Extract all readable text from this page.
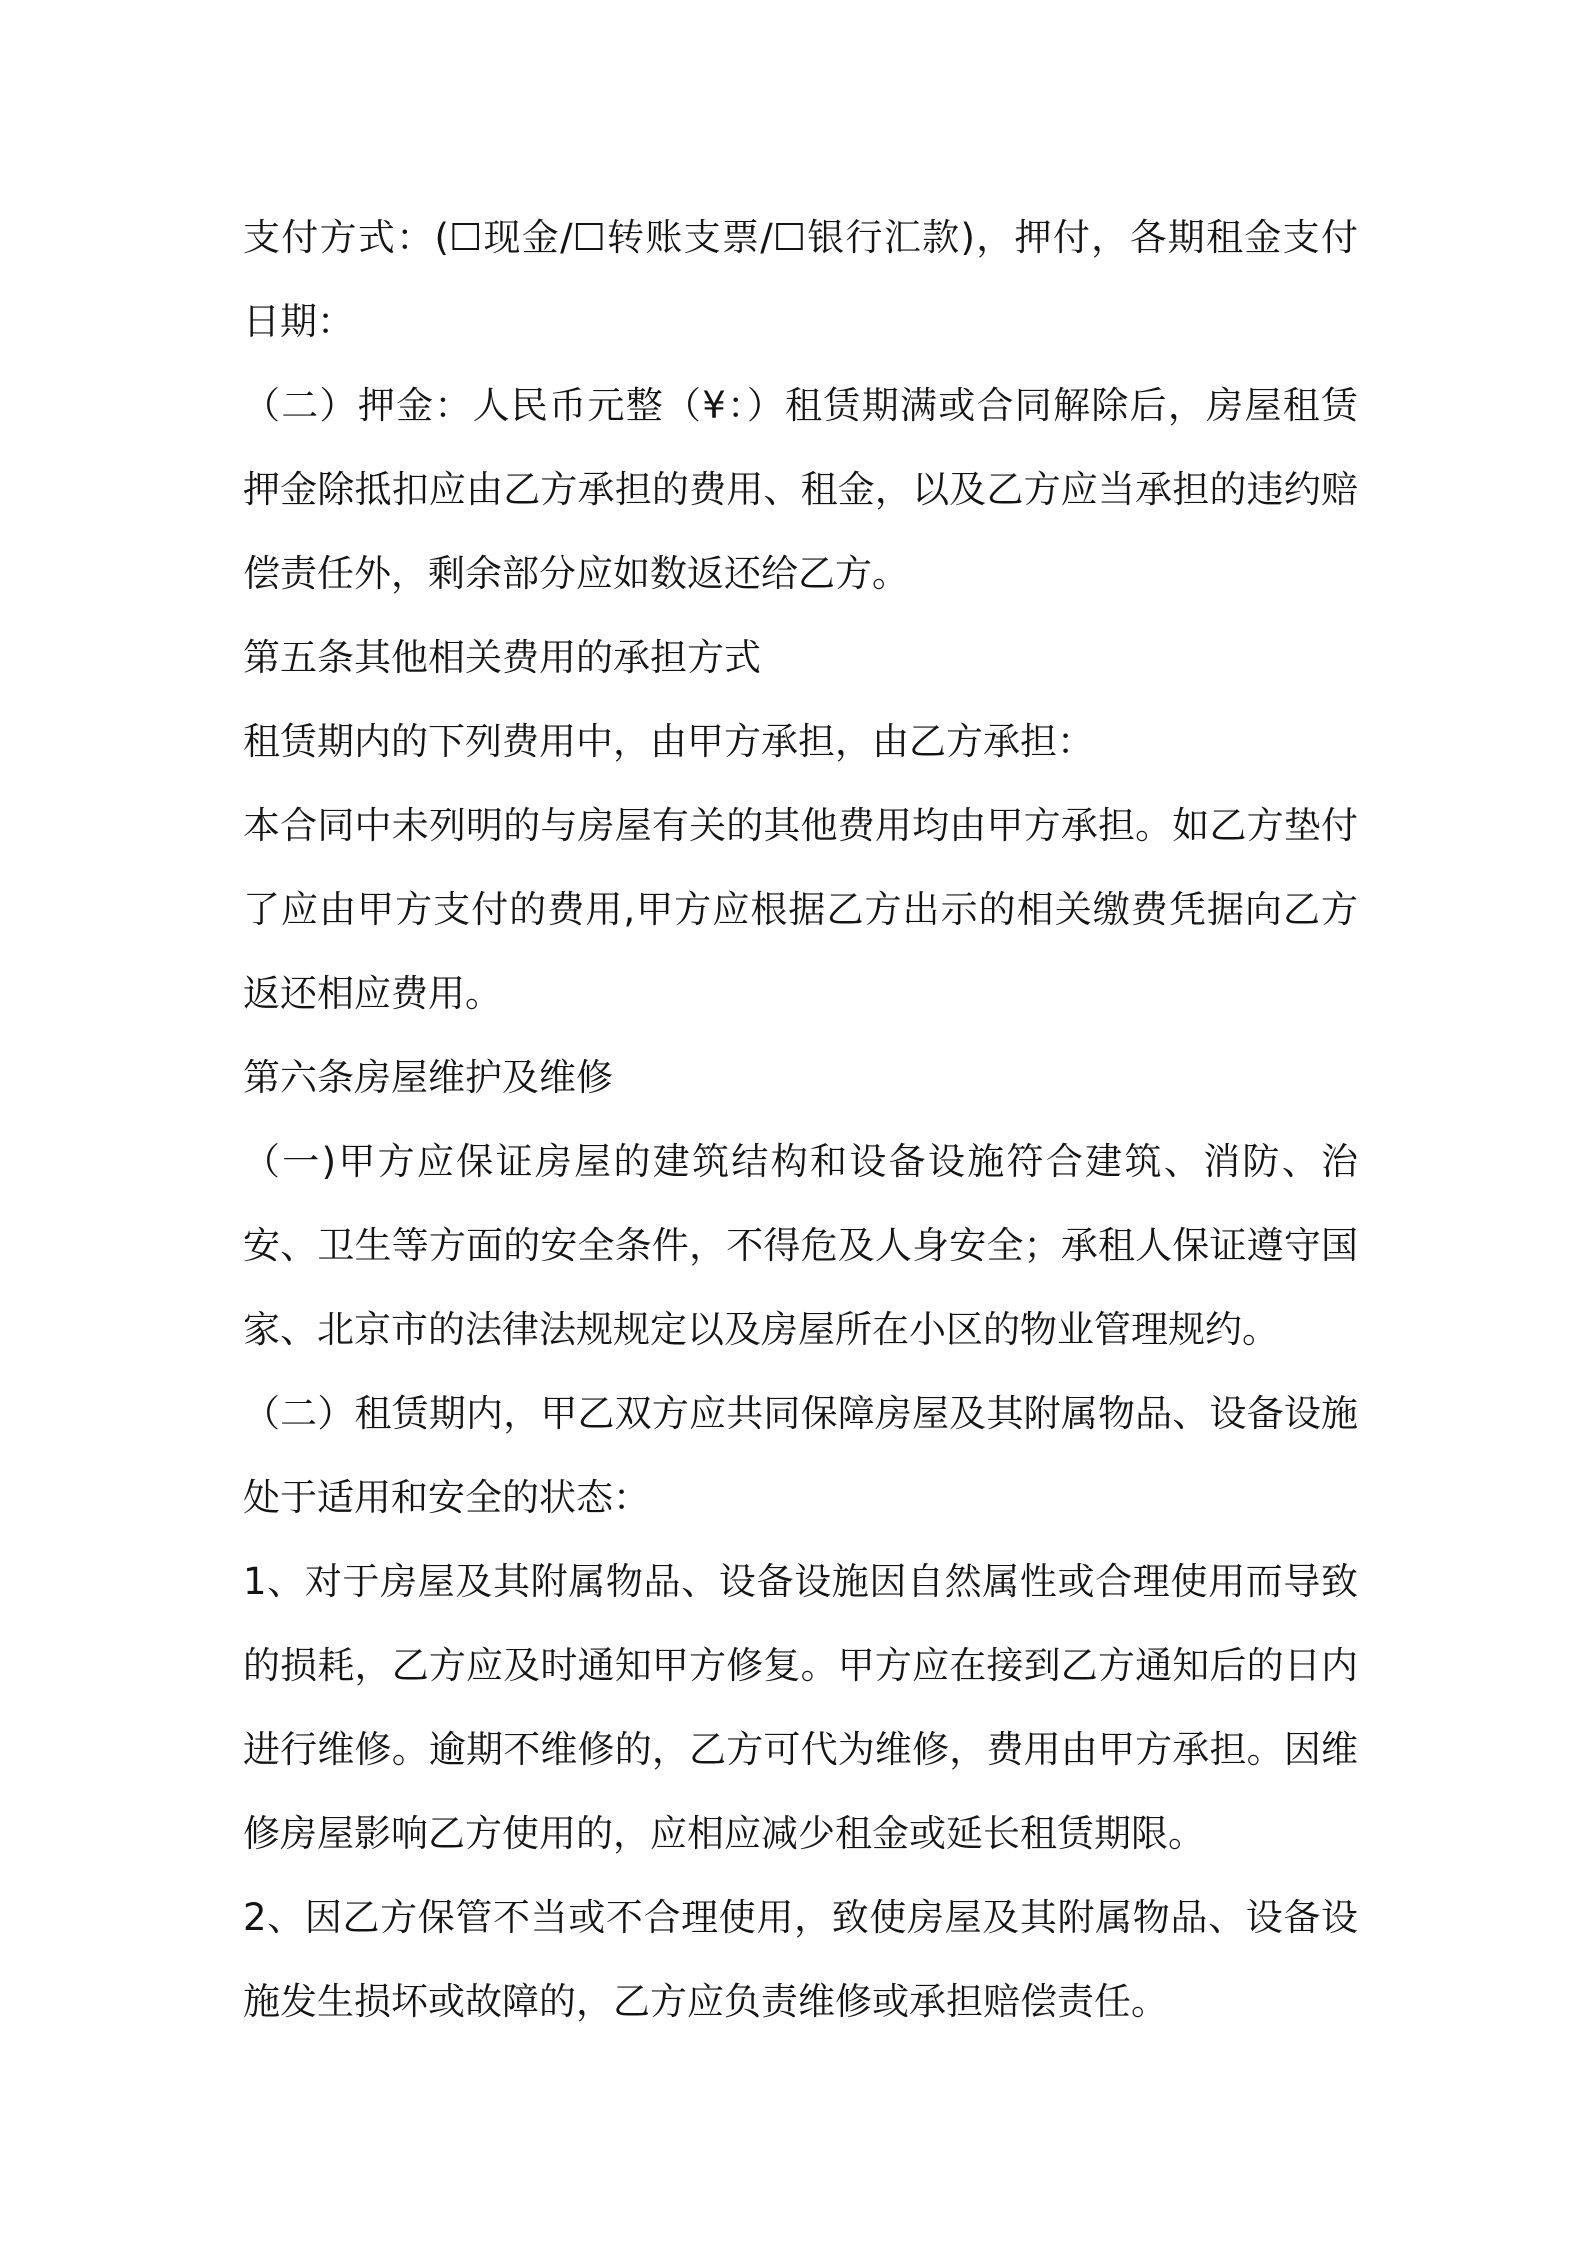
支付方式：(☐现金/☐转账支票/☐银行汇款)，押付，各期租金支付日期：

（二）押金：人民币元整（¥：）租赁期满或合同解除后，房屋租赁押金除抵扣应由乙方承担的费用、租金，以及乙方应当承担的违约赔偿责任外，剩余部分应如数返还给乙方。

第五条其他相关费用的承担方式

租赁期内的下列费用中，由甲方承担，由乙方承担：

本合同中未列明的与房屋有关的其他费用均由甲方承担。如乙方垫付了应由甲方支付的费用,甲方应根据乙方出示的相关缴费凭据向乙方返还相应费用。

第六条房屋维护及维修

（一)甲方应保证房屋的建筑结构和设备设施符合建筑、消防、治安、卫生等方面的安全条件，不得危及人身安全；承租人保证遵守国家、北京市的法律法规规定以及房屋所在小区的物业管理规约。

（二）租赁期内，甲乙双方应共同保障房屋及其附属物品、设备设施处于适用和安全的状态：

1、对于房屋及其附属物品、设备设施因自然属性或合理使用而导致的损耗，乙方应及时通知甲方修复。甲方应在接到乙方通知后的日内进行维修。逾期不维修的，乙方可代为维修，费用由甲方承担。因维修房屋影响乙方使用的，应相应减少租金或延长租赁期限。

2、因乙方保管不当或不合理使用，致使房屋及其附属物品、设备设施发生损坏或故障的，乙方应负责维修或承担赔偿责任。
